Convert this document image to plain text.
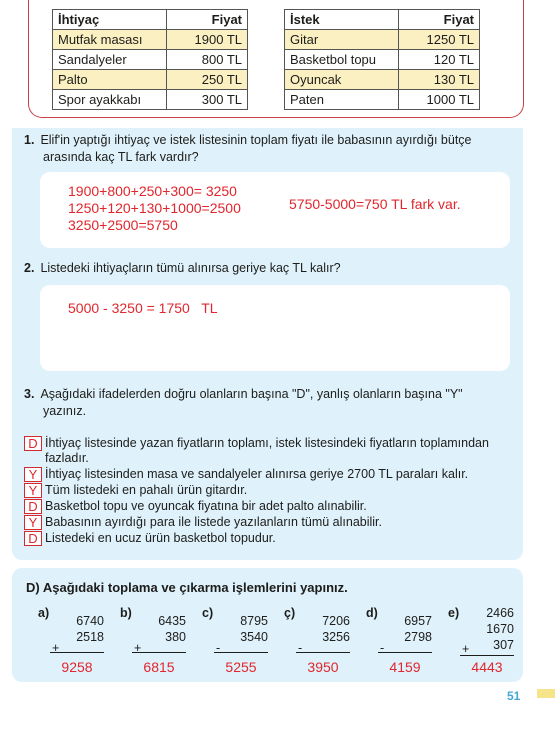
İhtiyaç	Fiyat
Mutfak masası	1900 TL
Sandalyeler	800 TL
Palto	250 TL
Spor ayakkabı	300 TL
İstek	Fiyat
Gitar	1250 TL
Basketbol topu	120 TL
Oyuncak	130 TL
Paten	1000 TL
1. Elif'in yaptığı ihtiyaç ve istek listesinin toplam fiyatı ile babasının ayırdığı bütçe
arasında kaç TL fark vardır?
1900+800+250+300= 3250
1250+120+130+1000=2500
3250+2500=5750
5750-5000=750 TL fark var.
2. Listedeki ihtiyaçların tümü alınırsa geriye kaç TL kalır?
5000 - 3250 = 1750   TL
3. Aşağıdaki ifadelerden doğru olanların başına "D", yanlış olanların başına "Y"
yazınız.
D İhtiyaç listesinde yazan fiyatların toplamı, istek listesindeki fiyatların toplamından
fazladır.
Y İhtiyaç listesinden masa ve sandalyeler alınırsa geriye 2700 TL paraları kalır.
Y Tüm listedeki en pahalı ürün gitardır.
D Basketbol topu ve oyuncak fiyatına bir adet palto alınabilir.
Y Babasının ayırdığı para ile listede yazılanların tümü alınabilir.
D Listedeki en ucuz ürün basketbol topudur.
D) Aşağıdaki toplama ve çıkarma işlemlerini yapınız.
a)
6740
2518
+
9258
b)
6435
380
+
6815
c)
8795
3540
-
5255
ç)
7206
3256
-
3950
d)
6957
2798
-
4159
e) 2466
1670
307
+
4443
51
